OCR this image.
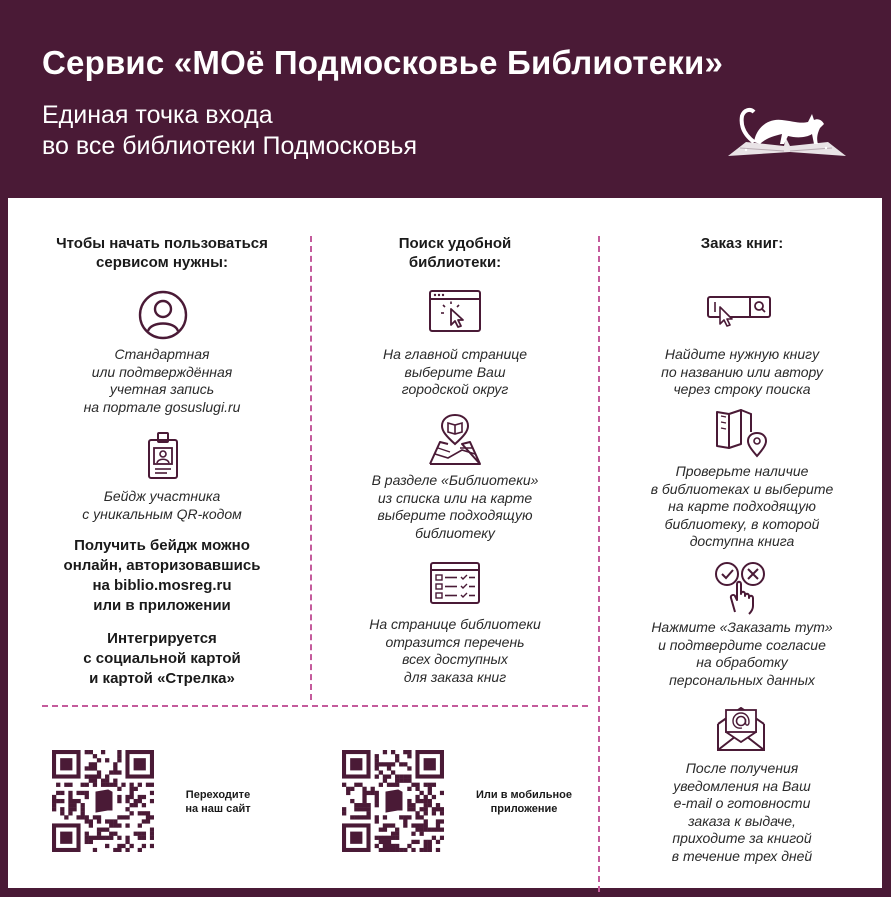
Сервис «МОё Подмосковье Библиотеки»
Единая точка входа
во все библиотеки Подмосковья
Чтобы начать пользоваться
сервисом нужны:
Стандартная
или подтверждённая
учетная запись
на портале gosuslugi.ru
Бейдж участника
с уникальным QR-кодом
Получить бейдж можно
онлайн, авторизовавшись
на biblio.mosreg.ru
или в приложении
Интегрируется
с социальной картой
и картой «Стрелка»
Поиск удобной
библиотеки:
На главной странице
выберите Ваш
городской округ
В разделе «Библиотеки»
из списка или на карте
выберите подходящую
библиотеку
На странице библиотеки
отразится перечень
всех доступных
для заказа книг
Заказ книг:
Найдите нужную книгу
по названию или автору
через строку поиска
Проверьте наличие
в библиотеках и выберите
на карте подходящую
библиотеку, в которой
доступна книга
Нажмите «Заказать тут»
и подтвердите согласие
на обработку
персональных данных
После получения
уведомления на Ваш
e-mail о готовности
заказа к выдаче,
приходите за книгой
в течение трех дней
Переходите
на наш сайт
Или в мобильное
приложение
